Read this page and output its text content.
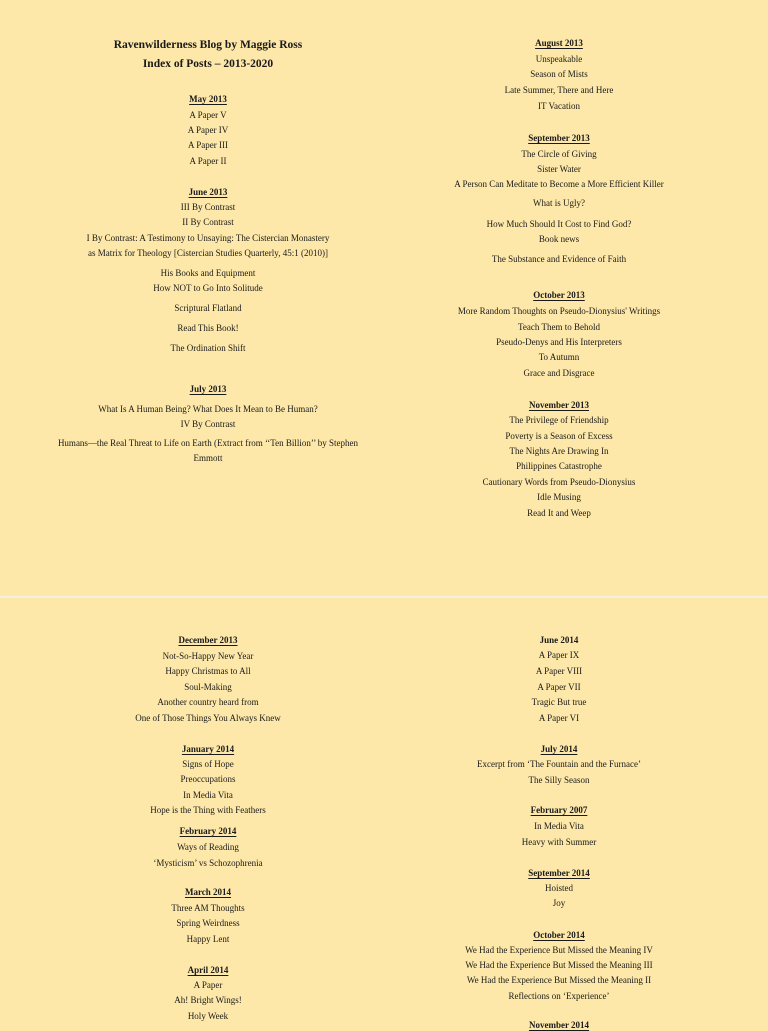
Ravenwilderness Blog by Maggie Ross
Index of Posts – 2013-2020
May 2013
A Paper V
A Paper IV
A Paper III
A Paper II
June 2013
III By Contrast
II By Contrast
I By Contrast: A Testimony to Unsaying: The Cistercian Monastery
as Matrix for Theology [Cistercian Studies Quarterly, 45:1 (2010)]
His Books and Equipment
How NOT to Go Into Solitude
Scriptural Flatland
Read This Book!
The Ordination Shift
July 2013
What Is A Human Being? What Does It Mean to Be Human?
IV By Contrast
Humans—the Real Threat to Life on Earth (Extract from ‘‘Ten Billion’’ by Stephen
Emmott
August 2013
Unspeakable
Season of Mists
Late Summer, There and Here
IT Vacation
September 2013
The Circle of Giving
Sister Water
A Person Can Meditate to Become a More Efficient Killer
What is Ugly?
How Much Should It Cost to Find God?
Book news
The Substance and Evidence of Faith
October 2013
More Random Thoughts on Pseudo-Dionysius' Writings
Teach Them to Behold
Pseudo-Denys and His Interpreters
To Autumn
Grace and Disgrace
November 2013
The Privilege of Friendship
Poverty is a Season of Excess
The Nights Are Drawing In
Philippines Catastrophe
Cautionary Words from Pseudo-Dionysius
Idle Musing
Read It and Weep
December 2013
Not-So-Happy New Year
Happy Christmas to All
Soul-Making
Another country heard from
One of Those Things You Always Knew
January 2014
Signs of Hope
Preoccupations
In Media Vita
Hope is the Thing with Feathers
February 2014
Ways of Reading
‘Mysticism’ vs Schozophrenia
March 2014
Three AM Thoughts
Spring Weirdness
Happy Lent
April 2014
A Paper
Ah! Bright Wings!
Holy Week
June 2014
A Paper IX
A Paper VIII
A Paper VII
Tragic But true
A Paper VI
July 2014
Excerpt from ‘The Fountain and the Furnace’
The Silly Season
February 2007
In Media Vita
Heavy with Summer
September 2014
Hoisted
Joy
October 2014
We Had the Experience But Missed the Meaning IV
We Had the Experience But Missed the Meaning III
We Had the Experience But Missed the Meaning II
Reflections on ‘Experience’
November 2014
